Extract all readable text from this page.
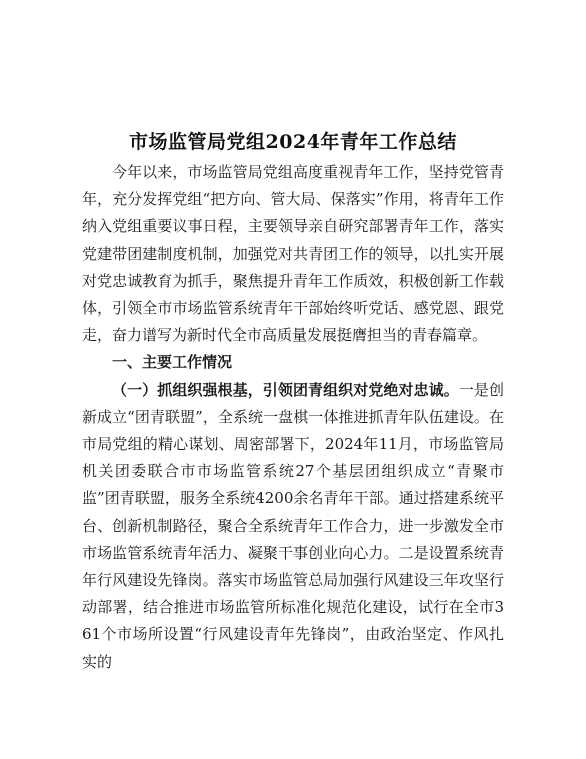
市场监管局党组2024年青年工作总结

今年以来，市场监管局党组高度重视青年工作，坚持党管青年，充分发挥党组“把方向、管大局、保落实”作用，将青年工作纳入党组重要议事日程，主要领导亲自研究部署青年工作，落实党建带团建制度机制，加强党对共青团工作的领导，以扎实开展对党忠诚教育为抓手，聚焦提升青年工作质效，积极创新工作载体，引领全市市场监管系统青年干部始终听党话、感党恩、跟党走，奋力谱写为新时代全市高质量发展挺膺担当的青春篇章。

一、主要工作情况

（一）抓组织强根基，引领团青组织对党绝对忠诚。一是创新成立“团青联盟”，全系统一盘棋一体推进抓青年队伍建设。在市局党组的精心谋划、周密部署下，2024年11月，市场监管局机关团委联合市市场监管系统27个基层团组织成立“青聚市监”团青联盟，服务全系统4200余名青年干部。通过搭建系统平台、创新机制路径，聚合全系统青年工作合力，进一步激发全市市场监管系统青年活力、凝聚干事创业向心力。二是设置系统青年行风建设先锋岗。落实市场监管总局加强行风建设三年攻坚行动部署，结合推进市场监管所标准化规范化建设，试行在全市361个市场所设置“行风建设青年先锋岗”，由政治坚定、作风扎实的
